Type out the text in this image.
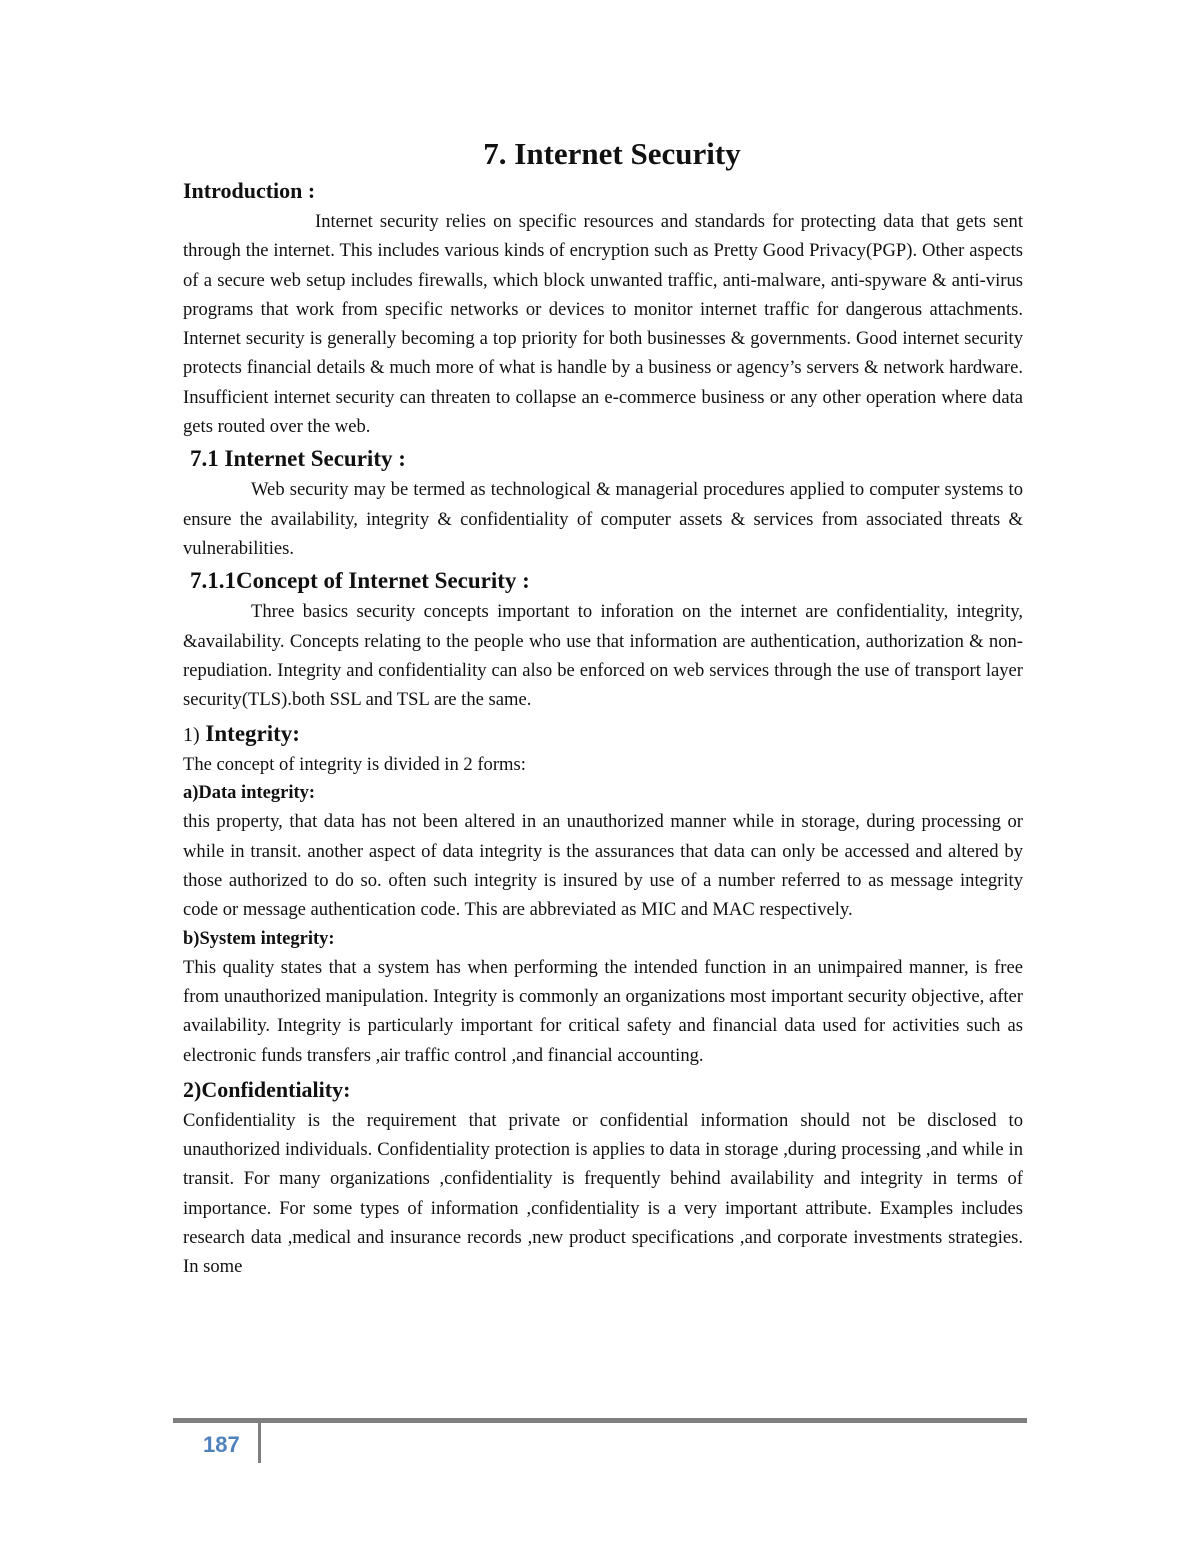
7. Internet Security
Introduction :

Internet security relies on specific resources and standards for protecting data that gets sent through the internet. This includes various kinds of encryption such as Pretty Good Privacy(PGP). Other aspects of a secure web setup includes firewalls, which block unwanted traffic, anti-malware, anti-spyware & anti-virus programs that work from specific networks or devices to monitor internet traffic for dangerous attachments. Internet security is generally becoming a top priority for both businesses & governments. Good internet security protects financial details & much more of what is handle by a business or agency’s servers & network hardware. Insufficient internet security can threaten to collapse an e-commerce business or any other operation where data gets routed over the web.

7.1 Internet Security :

Web security may be termed as technological & managerial procedures applied to computer systems to ensure the availability, integrity & confidentiality of computer assets & services from associated threats & vulnerabilities.

7.1.1Concept of Internet Security :

Three basics security concepts important to inforation on the internet are confidentiality, integrity, &availability. Concepts relating to the people who use that information are authentication, authorization & non-repudiation. Integrity and confidentiality can also be enforced on web services through the use of transport layer security(TLS).both SSL and TSL are the same.

1) Integrity:

The concept of integrity is divided in 2 forms:

a)Data integrity:

this property, that data has not been altered in an unauthorized manner while in storage, during processing or while in transit. another aspect of data integrity is the assurances that data can only be accessed and altered by those authorized to do so. often such integrity is insured by use of a number referred to as message integrity code or message authentication code. This are abbreviated as MIC and MAC respectively.

b)System integrity:

This quality states that a system has when performing the intended function in an unimpaired manner, is free from unauthorized manipulation. Integrity is commonly an organizations most important security objective, after availability. Integrity is particularly important for critical safety and financial data used for activities such as electronic funds transfers ,air traffic control ,and financial accounting.

2)Confidentiality:

Confidentiality is the requirement that private or confidential information should not be disclosed to unauthorized individuals. Confidentiality protection is applies to data in storage ,during processing ,and while in transit. For many organizations ,confidentiality is frequently behind availability and integrity in terms of importance. For some types of information ,confidentiality is a very important attribute. Examples includes research data ,medical and insurance records ,new product specifications ,and corporate investments strategies. In some

187
